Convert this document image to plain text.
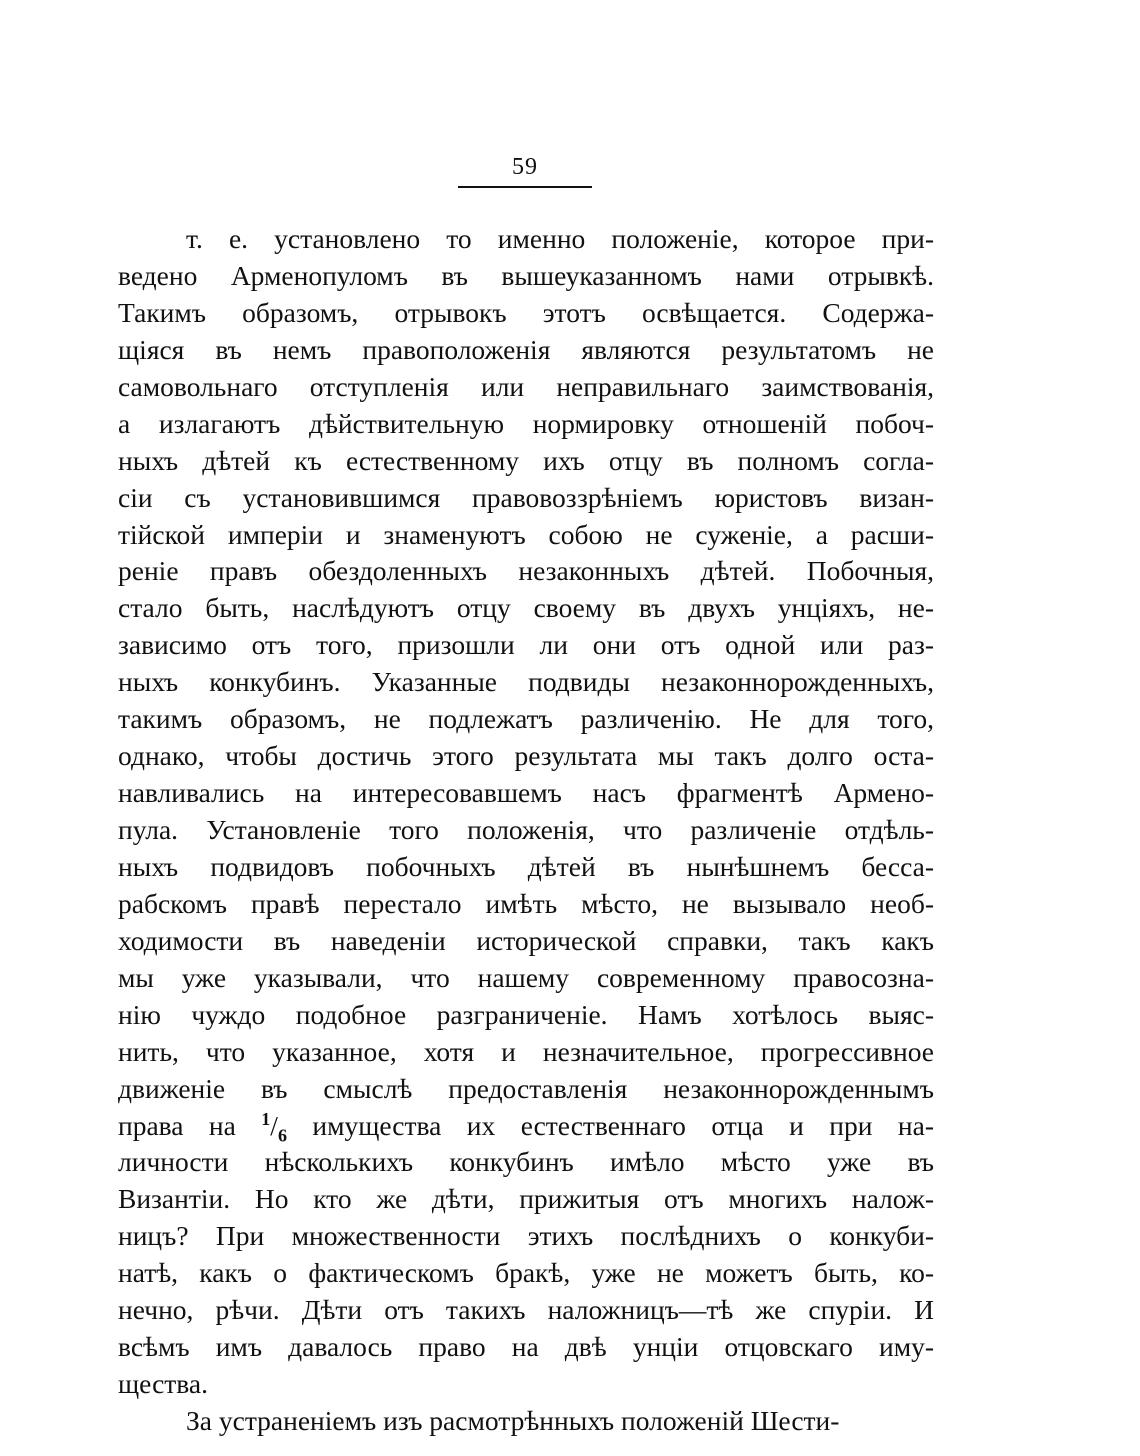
59
т. е. установлено то именно положеніе, которое при-
ведено Арменопуломъ въ вышеуказанномъ нами отрывкѣ.
Такимъ образомъ, отрывокъ этотъ освѣщается. Содержа-
щіяся въ немъ правоположенія являются результатомъ не
самовольнаго отступленія или неправильнаго заимствованія,
а излагаютъ дѣйствительную нормировку отношеній побоч-
ныхъ дѣтей къ естественному ихъ отцу въ полномъ согла-
сіи съ установившимся правовоззрѣніемъ юристовъ визан-
тійской имперіи и знаменуютъ собою не суженіе, а расши-
реніе правъ обездоленныхъ незаконныхъ дѣтей. Побочныя,
стало быть, наслѣдуютъ отцу своему въ двухъ унціяхъ, не-
зависимо отъ того, призошли ли они отъ одной или раз-
ныхъ конкубинъ. Указанные подвиды незаконнорожденныхъ,
такимъ образомъ, не подлежатъ различенію. Не для того,
однако, чтобы достичь этого результата мы такъ долго оста-
навливались на интересовавшемъ насъ фрагментѣ Армено-
пула. Установленіе того положенія, что различеніе отдѣль-
ныхъ подвидовъ побочныхъ дѣтей въ нынѣшнемъ бесса-
рабскомъ правѣ перестало имѣть мѣсто, не вызывало необ-
ходимости въ наведеніи исторической справки, такъ какъ
мы уже указывали, что нашему современному правосозна-
нію чуждо подобное разграниченіе. Намъ хотѣлось выяс-
нить, что указанное, хотя и незначительное, прогрессивное
движеніе въ смыслѣ предоставленія незаконнорожденнымъ
права на $^1/_6$ имущества их естественнаго отца и при на-
личности нѣсколькихъ конкубинъ имѣло мѣсто уже въ
Византіи. Но кто же дѣти, прижитыя отъ многихъ налож-
ницъ? При множественности этихъ послѣднихъ о конкуби-
натѣ, какъ о фактическомъ бракѣ, уже не можетъ быть, ко-
нечно, рѣчи. Дѣти отъ такихъ наложницъ—тѣ же спуріи. И
всѣмъ имъ давалось право на двѣ унціи отцовскаго иму-
щества.
За устраненіемъ изъ расмотрѣнныхъ положеній Шести-
